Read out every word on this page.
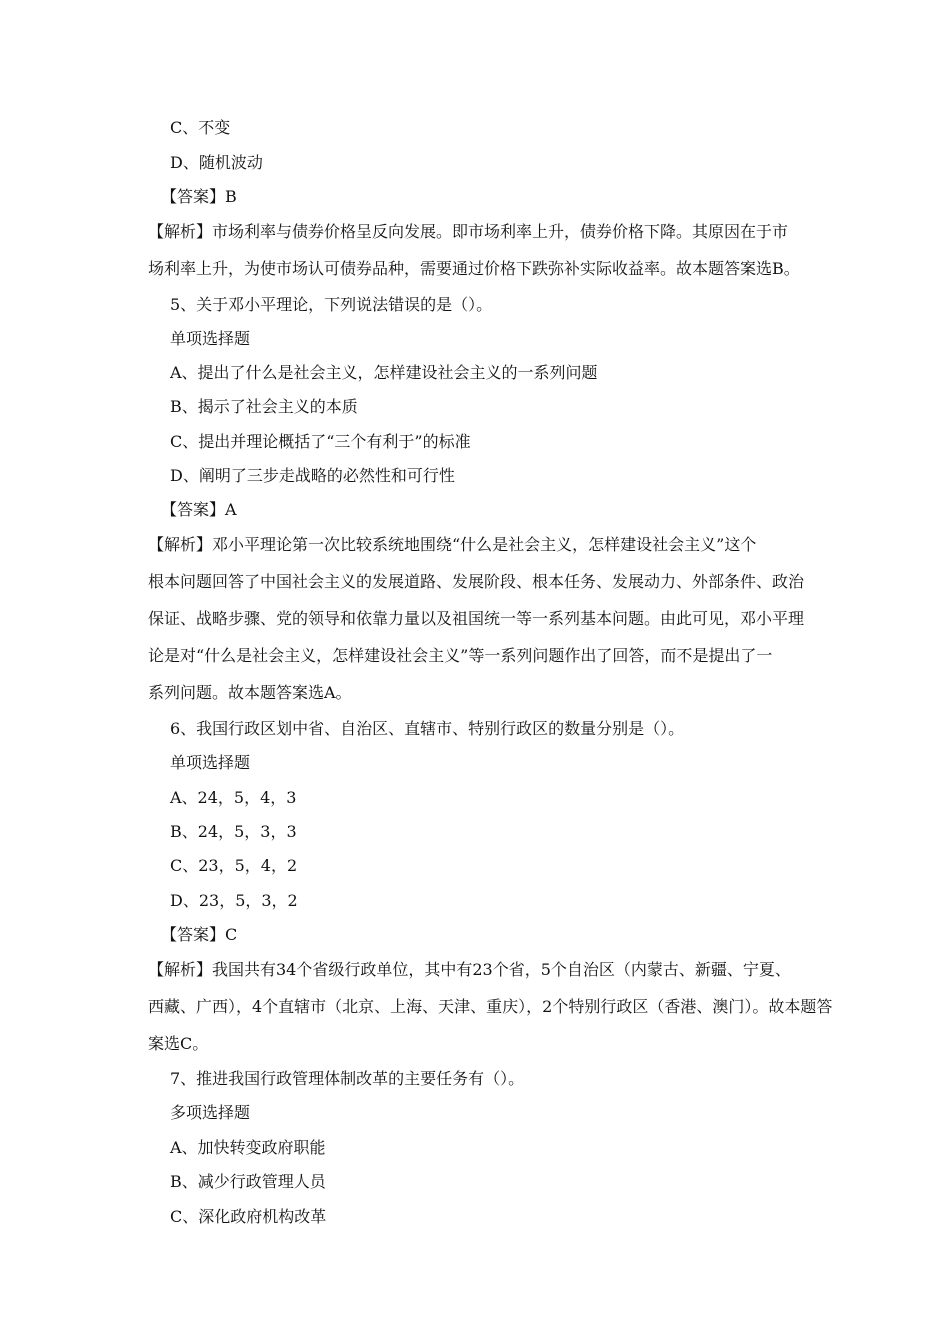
C、不变
D、随机波动
【答案】B
【解析】市场利率与债券价格呈反向发展。即市场利率上升，债券价格下降。其原因在于市
场利率上升，为使市场认可债券品种，需要通过价格下跌弥补实际收益率。故本题答案选B。
5、关于邓小平理论，下列说法错误的是（）。
单项选择题
A、提出了什么是社会主义，怎样建设社会主义的一系列问题
B、揭示了社会主义的本质
C、提出并理论概括了“三个有利于”的标准
D、阐明了三步走战略的必然性和可行性
【答案】A
【解析】邓小平理论第一次比较系统地围绕“什么是社会主义，怎样建设社会主义”这个
根本问题回答了中国社会主义的发展道路、发展阶段、根本任务、发展动力、外部条件、政治
保证、战略步骤、党的领导和依靠力量以及祖国统一等一系列基本问题。由此可见，邓小平理
论是对“什么是社会主义，怎样建设社会主义”等一系列问题作出了回答，而不是提出了一
系列问题。故本题答案选A。
6、我国行政区划中省、自治区、直辖市、特别行政区的数量分别是（）。
单项选择题
A、24，5，4，3
B、24，5，3，3
C、23，5，4，2
D、23，5，3，2
【答案】C
【解析】我国共有34个省级行政单位，其中有23个省，5个自治区（内蒙古、新疆、宁夏、
西藏、广西），4个直辖市（北京、上海、天津、重庆），2个特别行政区（香港、澳门）。故本题答
案选C。
7、推进我国行政管理体制改革的主要任务有（）。
多项选择题
A、加快转变政府职能
B、减少行政管理人员
C、深化政府机构改革
